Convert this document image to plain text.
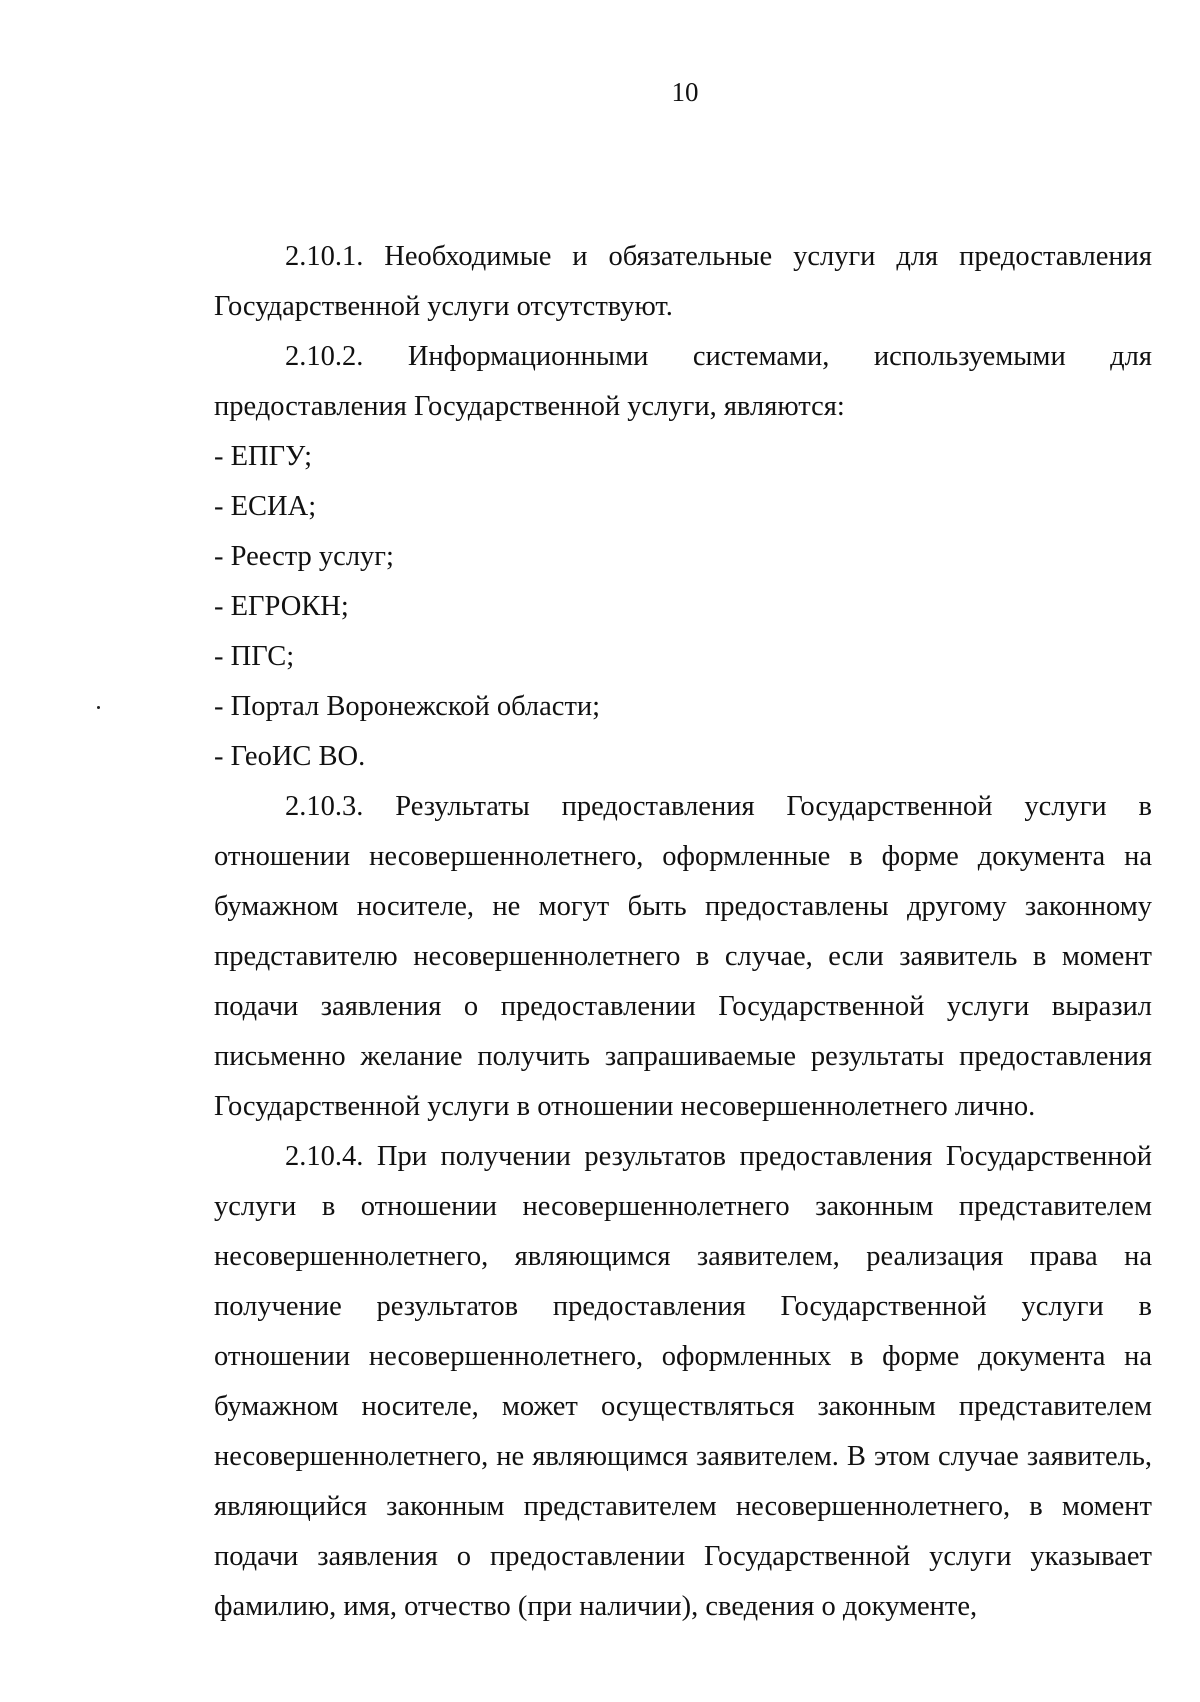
10

2.10.1. Необходимые и обязательные услуги для предоставления Государственной услуги отсутствуют.

2.10.2. Информационными системами, используемыми для предоставления Государственной услуги, являются:

- ЕПГУ;

- ЕСИА;

- Реестр услуг;

- ЕГРОКН;

- ПГС;

- Портал Воронежской области;

- ГеоИС ВО.

2.10.3. Результаты предоставления Государственной услуги в отношении несовершеннолетнего, оформленные в форме документа на бумажном носителе, не могут быть предоставлены другому законному представителю несовершеннолетнего в случае, если заявитель в момент подачи заявления о предоставлении Государственной услуги выразил письменно желание получить запрашиваемые результаты предоставления Государственной услуги в отношении несовершеннолетнего лично.

2.10.4. При получении результатов предоставления Государственной услуги в отношении несовершеннолетнего законным представителем несовершеннолетнего, являющимся заявителем, реализация права на получение результатов предоставления Государственной услуги в отношении несовершеннолетнего, оформленных в форме документа на бумажном носителе, может осуществляться законным представителем несовершеннолетнего, не являющимся заявителем. В этом случае заявитель, являющийся законным представителем несовершеннолетнего, в момент подачи заявления о предоставлении Государственной услуги указывает фамилию, имя, отчество (при наличии), сведения о документе,
